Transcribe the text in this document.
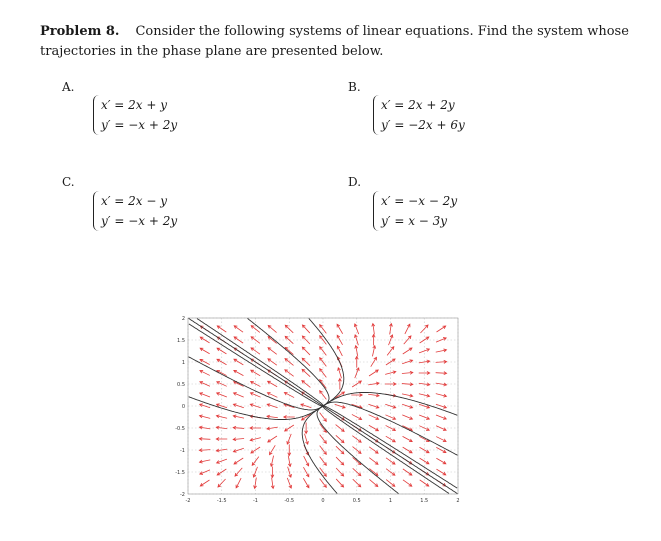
Problem 8. Consider the following systems of linear equations. Find the system whose trajectories in the phase plane are presented below.
A.
x′ = 2x + y
y′ = −x + 2y
B.
x′ = 2x + 2y
y′ = −2x + 6y
C.
x′ = 2x − y
y′ = −x + 2y
D.
x′ = −x − 2y
y′ = x − 3y
-2	-1.5	-1	-0.5	0	0.5	1	1.5	2
2
1.5
1
0.5
0
-0.5
-1
-1.5
-2
